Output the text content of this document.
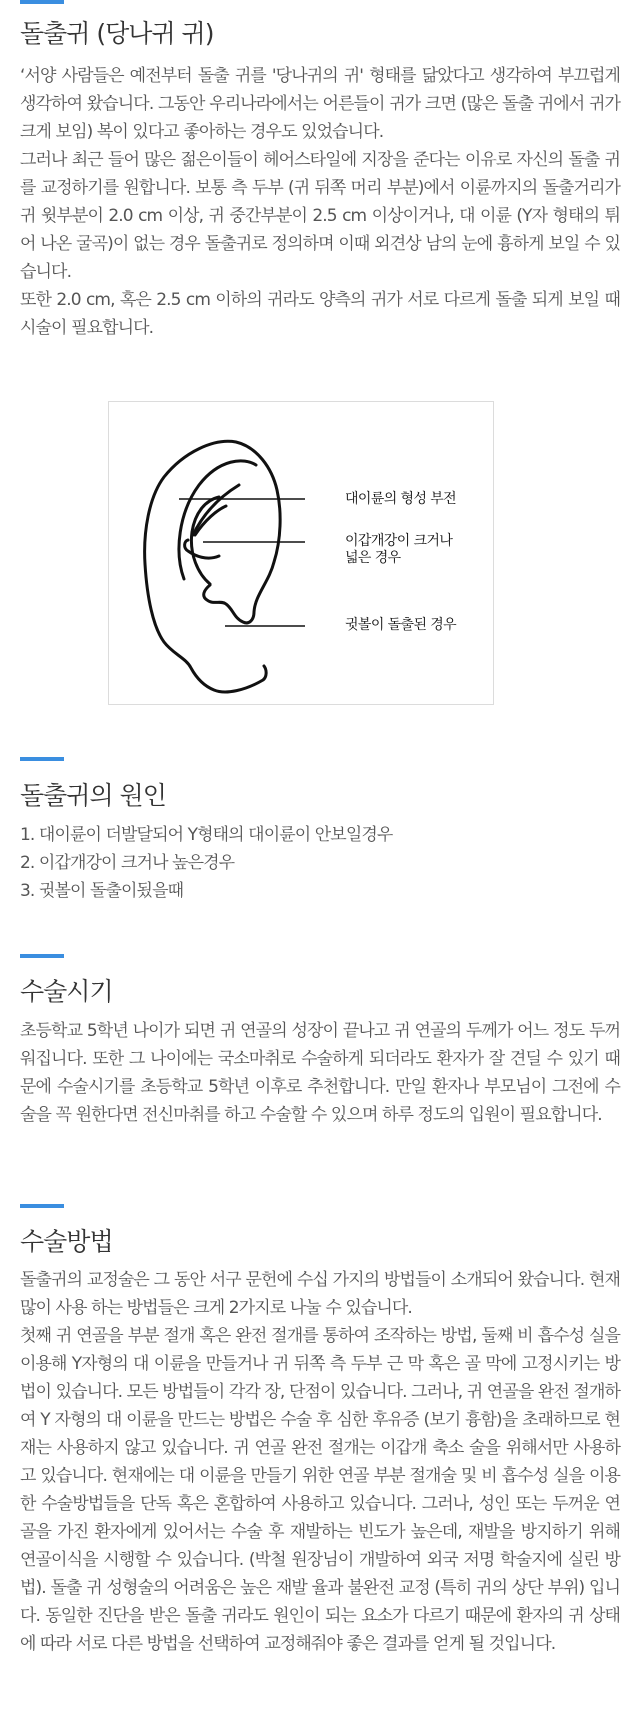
돌출귀 (당나귀 귀)

‘서양 사람들은 예전부터 돌출 귀를 '당나귀의 귀' 형태를 닮았다고 생각하여 부끄럽게 생각하여 왔습니다. 그동안 우리나라에서는 어른들이 귀가 크면 (많은 돌출 귀에서 귀가 크게 보임) 복이 있다고 좋아하는 경우도 있었습니다.

그러나 최근 들어 많은 젊은이들이 헤어스타일에 지장을 준다는 이유로 자신의 돌출 귀를 교정하기를 원합니다. 보통 측 두부 (귀 뒤쪽 머리 부분)에서 이륜까지의 돌출거리가 귀 윗부분이 2.0 cm 이상, 귀 중간부분이 2.5 cm 이상이거나, 대 이륜 (Y자 형태의 튀어 나온 굴곡)이 없는 경우 돌출귀로 정의하며 이때 외견상 남의 눈에 흉하게 보일 수 있습니다.

또한 2.0 cm, 혹은 2.5 cm 이하의 귀라도 양측의 귀가 서로 다르게 돌출 되게 보일 때 시술이 필요합니다.

돌출귀의 원인

1. 대이륜이 더발달되어 Y형태의 대이륜이 안보일경우

2. 이갑개강이 크거나 높은경우

3. 귓볼이 돌출이됬을때

수술시기

초등학교 5학년 나이가 되면 귀 연골의 성장이 끝나고 귀 연골의 두께가 어느 정도 두꺼워집니다. 또한 그 나이에는 국소마취로 수술하게 되더라도 환자가 잘 견딜 수 있기 때문에 수술시기를 초등학교 5학년 이후로 추천합니다. 만일 환자나 부모님이 그전에 수술을 꼭 원한다면 전신마취를 하고 수술할 수 있으며 하루 정도의 입원이 필요합니다.

수술방법

돌출귀의 교정술은 그 동안 서구 문헌에 수십 가지의 방법들이 소개되어 왔습니다. 현재 많이 사용 하는 방법들은 크게 2가지로 나눌 수 있습니다.

첫째 귀 연골을 부분 절개 혹은 완전 절개를 통하여 조작하는 방법, 둘째 비 흡수성 실을 이용해 Y자형의 대 이륜을 만들거나 귀 뒤쪽 측 두부 근 막 혹은 골 막에 고정시키는 방법이 있습니다. 모든 방법들이 각각 장, 단점이 있습니다. 그러나, 귀 연골을 완전 절개하여 Y 자형의 대 이륜을 만드는 방법은 수술 후 심한 후유증 (보기 흉함)을 초래하므로 현재는 사용하지 않고 있습니다. 귀 연골 완전 절개는 이갑개 축소 술을 위해서만 사용하고 있습니다. 현재에는 대 이륜을 만들기 위한 연골 부분 절개술 및 비 흡수성 실을 이용한 수술방법들을 단독 혹은 혼합하여 사용하고 있습니다. 그러나, 성인 또는 두꺼운 연골을 가진 환자에게 있어서는 수술 후 재발하는 빈도가 높은데, 재발을 방지하기 위해 연골이식을 시행할 수 있습니다. (박철 원장님이 개발하여 외국 저명 학술지에 실린 방법). 돌출 귀 성형술의 어려움은 높은 재발 율과 불완전 교정 (특히 귀의 상단 부위) 입니다. 동일한 진단을 받은 돌출 귀라도 원인이 되는 요소가 다르기 때문에 환자의 귀 상태에 따라 서로 다른 방법을 선택하여 교정해줘야 좋은 결과를 얻게 될 것입니다.

대이륜의 형성 부전
이갑개강이 크거나
넓은 경우
귓볼이 돌출된 경우
